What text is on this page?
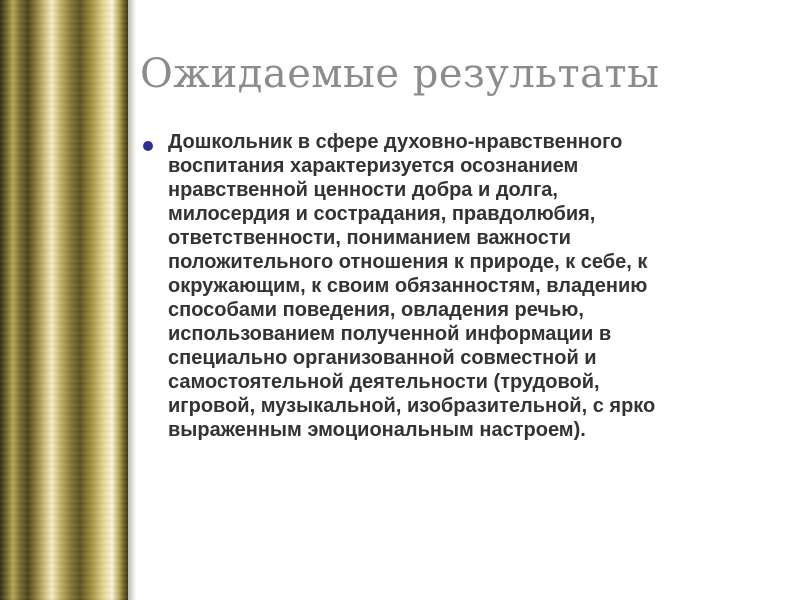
Ожидаемые результаты

Дошкольник в сфере духовно-нравственного
воспитания характеризуется осознанием
нравственной ценности добра и долга,
милосердия и сострадания, правдолюбия,
ответственности, пониманием важности
положительного отношения к природе, к себе, к
окружающим, к своим обязанностям, владению
способами поведения, овладения речью,
использованием полученной информации в
специально организованной совместной и
самостоятельной деятельности (трудовой,
игровой, музыкальной, изобразительной, с ярко
выраженным эмоциональным настроем).
